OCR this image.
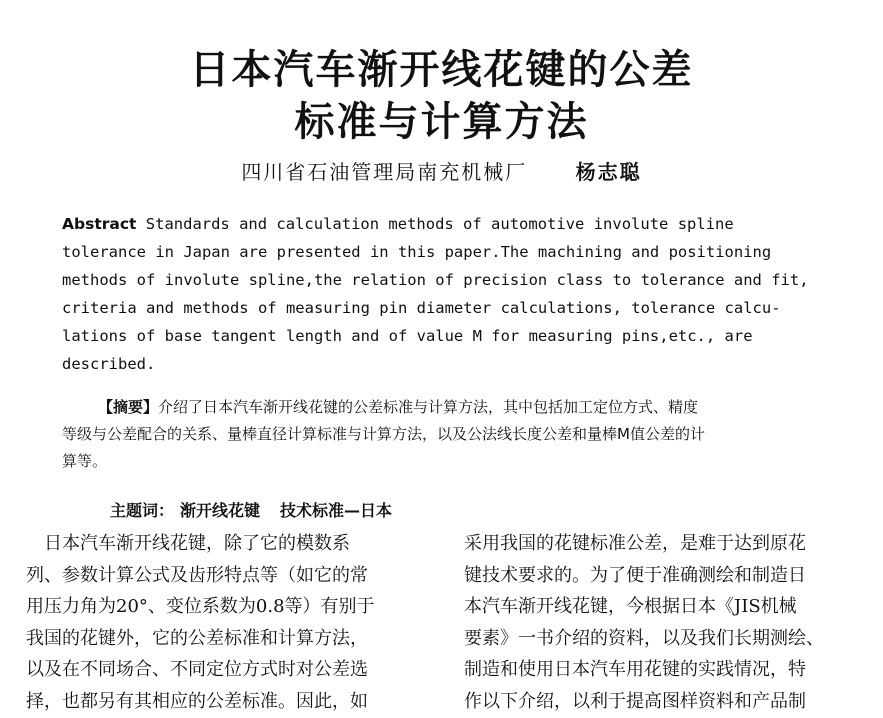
日本汽车渐开线花键的公差
标准与计算方法
四川省石油管理局南充机械厂 杨志聪
Abstract Standards and calculation methods of automotive involute spline
tolerance in Japan are presented in this paper.The machining and positioning
methods of involute spline,the relation of precision class to tolerance and fit,
criteria and methods of measuring pin diameter calculations, tolerance calcu-
lations of base tangent length and of value M for measuring pins,etc., are
described.
【摘要】介绍了日本汽车渐开线花键的公差标准与计算方法，其中包括加工定位方式、精度
等级与公差配合的关系、量棒直径计算标准与计算方法，以及公法线长度公差和量棒M值公差的计
算等。
主题词： 渐开线花键 技术标准—日本
　日本汽车渐开线花键，除了它的模数系
列、参数计算公式及齿形特点等（如它的常
用压力角为20°、变位系数为0.8等）有别于
我国的花键外，它的公差标准和计算方法，
以及在不同场合、不同定位方式时对公差选
择，也都另有其相应的公差标准。因此，如
采用我国的花键标准公差，是难于达到原花
键技术要求的。为了便于准确测绘和制造日
本汽车渐开线花键，今根据日本《JIS机械
要素》一书介绍的资料，以及我们长期测绘、
制造和使用日本汽车用花键的实践情况，特
作以下介绍，以利于提高图样资料和产品制
